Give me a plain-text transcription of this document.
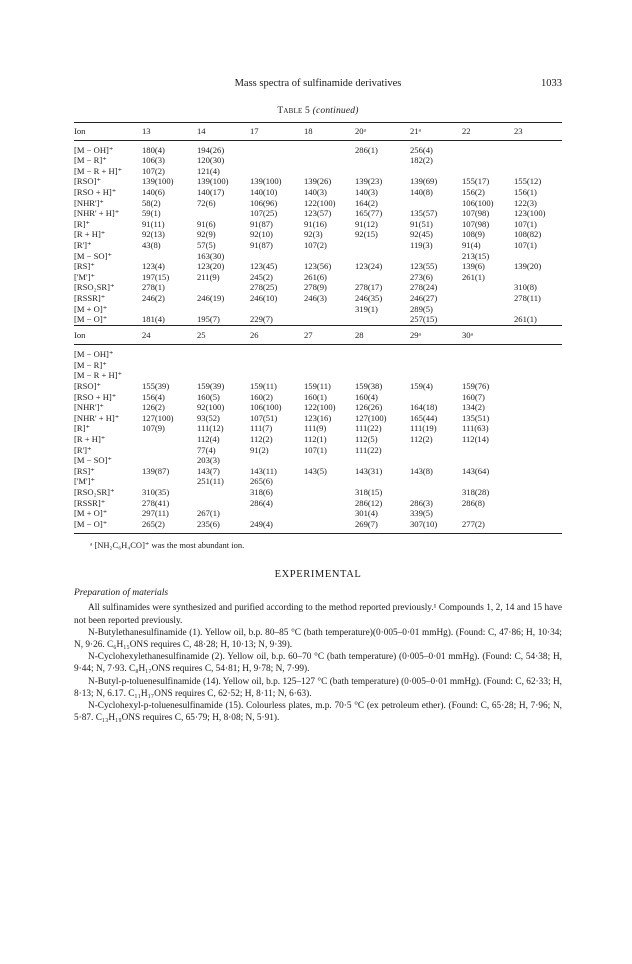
Mass spectra of sulfinamide derivatives	1033
Table 5 (continued)
Ion	13	14	17	18	20ᵃ	21ᵃ	22	23
[M − OH]⁺	180(4)	194(26)			286(1)	256(4)		
[M − R]⁺	106(3)	120(30)				182(2)		
[M − R + H]⁺	107(2)	121(4)						
[RSO]⁺	139(100)	139(100)	139(100)	139(26)	139(23)	139(69)	155(17)	155(12)
[RSO + H]⁺	140(6)	140(17)	140(10)	140(3)	140(3)	140(8)	156(2)	156(1)
[NHR']⁺	58(2)	72(6)	106(96)	122(100)	164(2)		106(100)	122(3)
[NHR' + H]⁺	59(1)		107(25)	123(57)	165(77)	135(57)	107(98)	123(100)
[R]⁺	91(11)	91(6)	91(87)	91(16)	91(12)	91(51)	107(98)	107(1)
[R + H]⁺	92(13)	92(9)	92(10)	92(3)	92(15)	92(45)	108(9)	108(82)
[R']⁺	43(8)	57(5)	91(87)	107(2)		119(3)	91(4)	107(1)
[M − SO]⁺		163(30)					213(15)	
[RS]⁺	123(4)	123(20)	123(45)	123(56)	123(24)	123(55)	139(6)	139(20)
['M']⁺	197(15)	211(9)	245(2)	261(6)		273(6)	261(1)	
[RSO₂SR]⁺	278(1)		278(25)	278(9)	278(17)	278(24)		310(8)
[RSSR]⁺	246(2)	246(19)	246(10)	246(3)	246(35)	246(27)		278(11)
[M + O]⁺					319(1)	289(5)		
[M − O]⁺	181(4)	195(7)	229(7)			257(15)		261(1)
Ion	24	25	26	27	28	29ᵃ	30ᵃ	
[M − OH]⁺								
[M − R]⁺								
[M − R + H]⁺								
[RSO]⁺	155(39)	159(39)	159(11)	159(11)	159(38)	159(4)	159(76)	
[RSO + H]⁺	156(4)	160(5)	160(2)	160(1)	160(4)		160(7)	
[NHR']⁺	126(2)	92(100)	106(100)	122(100)	126(26)	164(18)	134(2)	
[NHR' + H]⁺	127(100)	93(52)	107(51)	123(16)	127(100)	165(44)	135(51)	
[R]⁺	107(9)	111(12)	111(7)	111(9)	111(22)	111(19)	111(63)	
[R + H]⁺		112(4)	112(2)	112(1)	112(5)	112(2)	112(14)	
[R']⁺		77(4)	91(2)	107(1)	111(22)			
[M − SO]⁺		203(3)						
[RS]⁺	139(87)	143(7)	143(11)	143(5)	143(31)	143(8)	143(64)	
['M']⁺		251(11)	265(6)					
[RSO₂SR]⁺	310(35)		318(6)		318(15)		318(28)	
[RSSR]⁺	278(41)		286(4)		286(12)	286(3)	286(8)	
[M + O]⁺	297(11)	267(1)			301(4)	339(5)		
[M − O]⁺	265(2)	235(6)	249(4)		269(7)	307(10)	277(2)	
ᵃ [NH₂C₆H₄CO]⁺ was the most abundant ion.
EXPERIMENTAL
Preparation of materials

All sulfinamides were synthesized and purified according to the method reported previously.¹ Compounds 1, 2, 14 and 15 have not been reported previously.

N-Butylethanesulfinamide (1). Yellow oil, b.p. 80–85 °C (bath temperature)(0·005–0·01 mmHg). (Found: C, 47·86; H, 10·34; N, 9·26. C₆H₁₅ONS requires C, 48·28; H, 10·13; N, 9·39).

N-Cyclohexylethanesulfinamide (2). Yellow oil, b.p. 60–70 °C (bath temperature) (0·005–0·01 mmHg). (Found: C, 54·38; H, 9·44; N, 7·93. C₈H₁₇ONS requires C, 54·81; H, 9·78; N, 7·99).

N-Butyl-p-toluenesulfinamide (14). Yellow oil, b.p. 125–127 °C (bath temperature) (0·005–0·01 mmHg). (Found: C, 62·33; H, 8·13; N, 6.17. C₁₁H₁₇ONS requires C, 62·52; H, 8·11; N, 6·63).

N-Cyclohexyl-p-toluenesulfinamide (15). Colourless plates, m.p. 70·5 °C (ex petroleum ether). (Found: C, 65·28; H, 7·96; N, 5·87. C₁₃H₁₉ONS requires C, 65·79; H, 8·08; N, 5·91).
